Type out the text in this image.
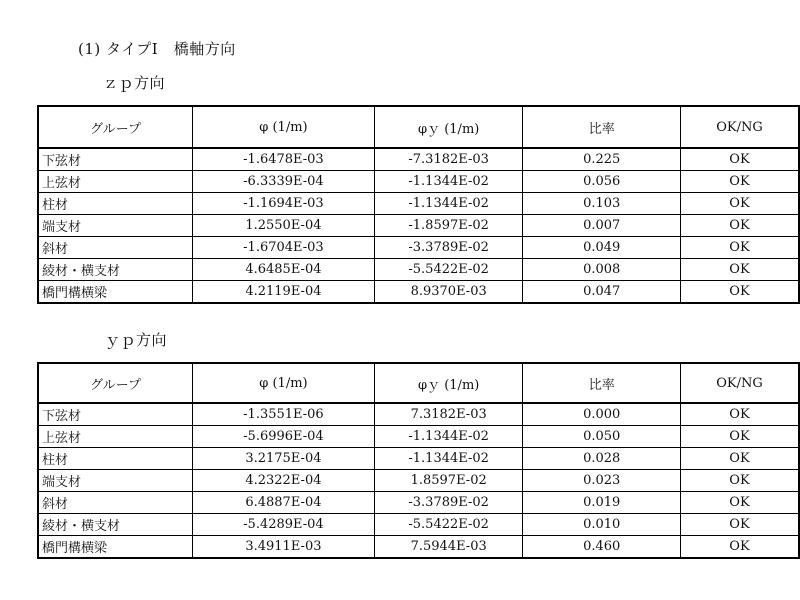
(1) タイプI　橋軸方向
ｚｐ方向
グループ	φ (1/m)	φｙ (1/m)	比率	OK/NG
下弦材	-1.6478E-03	-7.3182E-03	0.225	OK
上弦材	-6.3339E-04	-1.1344E-02	0.056	OK
柱材	-1.1694E-03	-1.1344E-02	0.103	OK
端支材	1.2550E-04	-1.8597E-02	0.007	OK
斜材	-1.6704E-03	-3.3789E-02	0.049	OK
綾材・横支材	4.6485E-04	-5.5422E-02	0.008	OK
橋門構横梁	4.2119E-04	8.9370E-03	0.047	OK
ｙｐ方向
グループ	φ (1/m)	φｙ (1/m)	比率	OK/NG
下弦材	-1.3551E-06	7.3182E-03	0.000	OK
上弦材	-5.6996E-04	-1.1344E-02	0.050	OK
柱材	3.2175E-04	-1.1344E-02	0.028	OK
端支材	4.2322E-04	1.8597E-02	0.023	OK
斜材	6.4887E-04	-3.3789E-02	0.019	OK
綾材・横支材	-5.4289E-04	-5.5422E-02	0.010	OK
橋門構横梁	3.4911E-03	7.5944E-03	0.460	OK
